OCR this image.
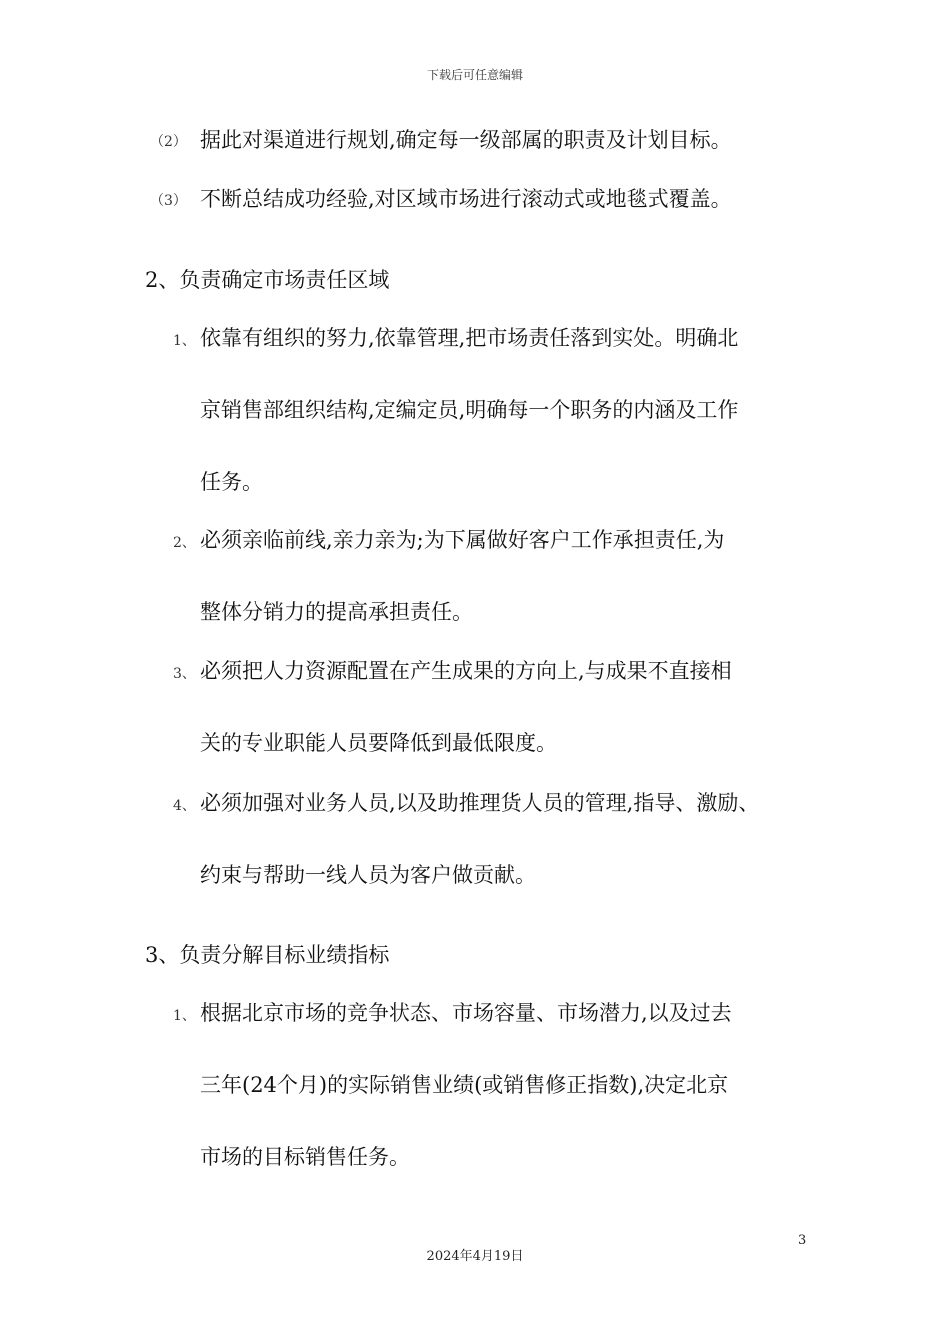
下载后可任意编辑
（2） 据此对渠道进行规划,确定每一级部属的职责及计划目标。
（3） 不断总结成功经验,对区域市场进行滚动式或地毯式覆盖。
2、负责确定市场责任区域
1、 依靠有组织的努力,依靠管理,把市场责任落到实处。明确北
京销售部组织结构,定编定员,明确每一个职务的内涵及工作
任务。
2、 必须亲临前线,亲力亲为;为下属做好客户工作承担责任,为
整体分销力的提高承担责任。
3、 必须把人力资源配置在产生成果的方向上,与成果不直接相
关的专业职能人员要降低到最低限度。
4、 必须加强对业务人员,以及助推理货人员的管理,指导、激励、
约束与帮助一线人员为客户做贡献。
3、负责分解目标业绩指标
1、 根据北京市场的竞争状态、市场容量、市场潜力,以及过去
三年(24个月)的实际销售业绩(或销售修正指数),决定北京
市场的目标销售任务。
3
2024年4月19日
